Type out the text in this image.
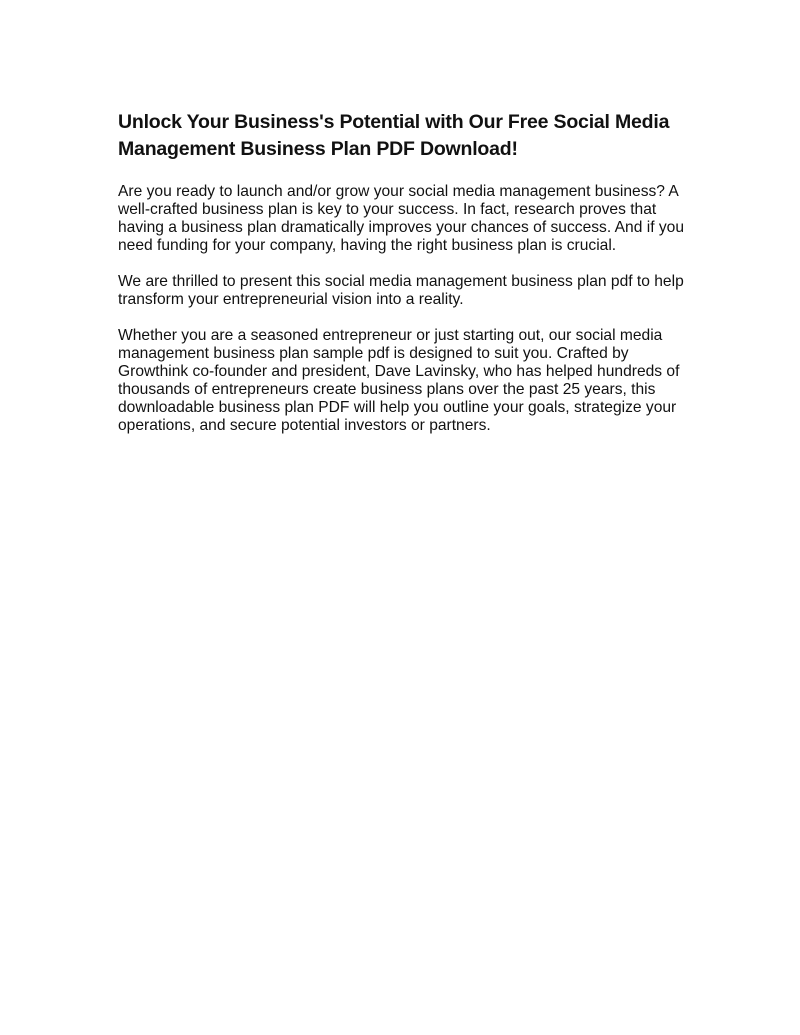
Unlock Your Business's Potential with Our Free Social Media Management Business Plan PDF Download!

Are you ready to launch and/or grow your social media management business? A well-crafted business plan is key to your success. In fact, research proves that having a business plan dramatically improves your chances of success. And if you need funding for your company, having the right business plan is crucial.

We are thrilled to present this social media management business plan pdf to help transform your entrepreneurial vision into a reality.

Whether you are a seasoned entrepreneur or just starting out, our social media management business plan sample pdf is designed to suit you. Crafted by Growthink co-founder and president, Dave Lavinsky, who has helped hundreds of thousands of entrepreneurs create business plans over the past 25 years, this downloadable business plan PDF will help you outline your goals, strategize your operations, and secure potential investors or partners.
